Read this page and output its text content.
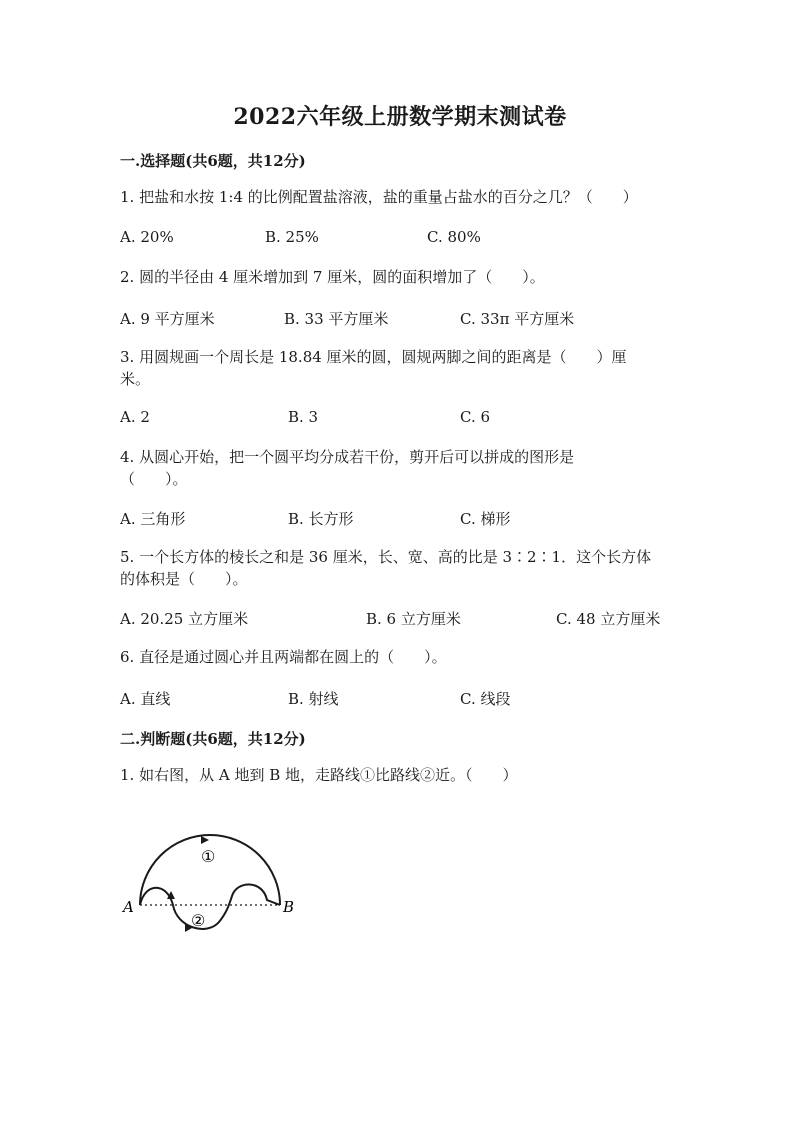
2022六年级上册数学期末测试卷
一.选择题(共6题，共12分)
1. 把盐和水按 1:4 的比例配置盐溶液，盐的重量占盐水的百分之几？（　　）
A. 20%	B. 25%	C. 80%
2. 圆的半径由 4 厘米增加到 7 厘米，圆的面积增加了（　　）。
A. 9 平方厘米	B. 33 平方厘米	C. 33π 平方厘米
3. 用圆规画一个周长是 18.84 厘米的圆，圆规两脚之间的距离是（　　）厘
米。
A. 2	B. 3	C. 6
4. 从圆心开始，把一个圆平均分成若干份，剪开后可以拼成的图形是
（　　）。
A. 三角形	B. 长方形	C. 梯形
5. 一个长方体的棱长之和是 36 厘米，长、宽、高的比是 3∶2∶1．这个长方体
的体积是（　　）。
A. 20.25 立方厘米	B. 6 立方厘米	C. 48 立方厘米
6. 直径是通过圆心并且两端都在圆上的（　　）。
A. 直线	B. 射线	C. 线段
二.判断题(共6题，共12分)
1. 如右图，从 A 地到 B 地，走路线①比路线②近。（　　）
①
②
A	B
